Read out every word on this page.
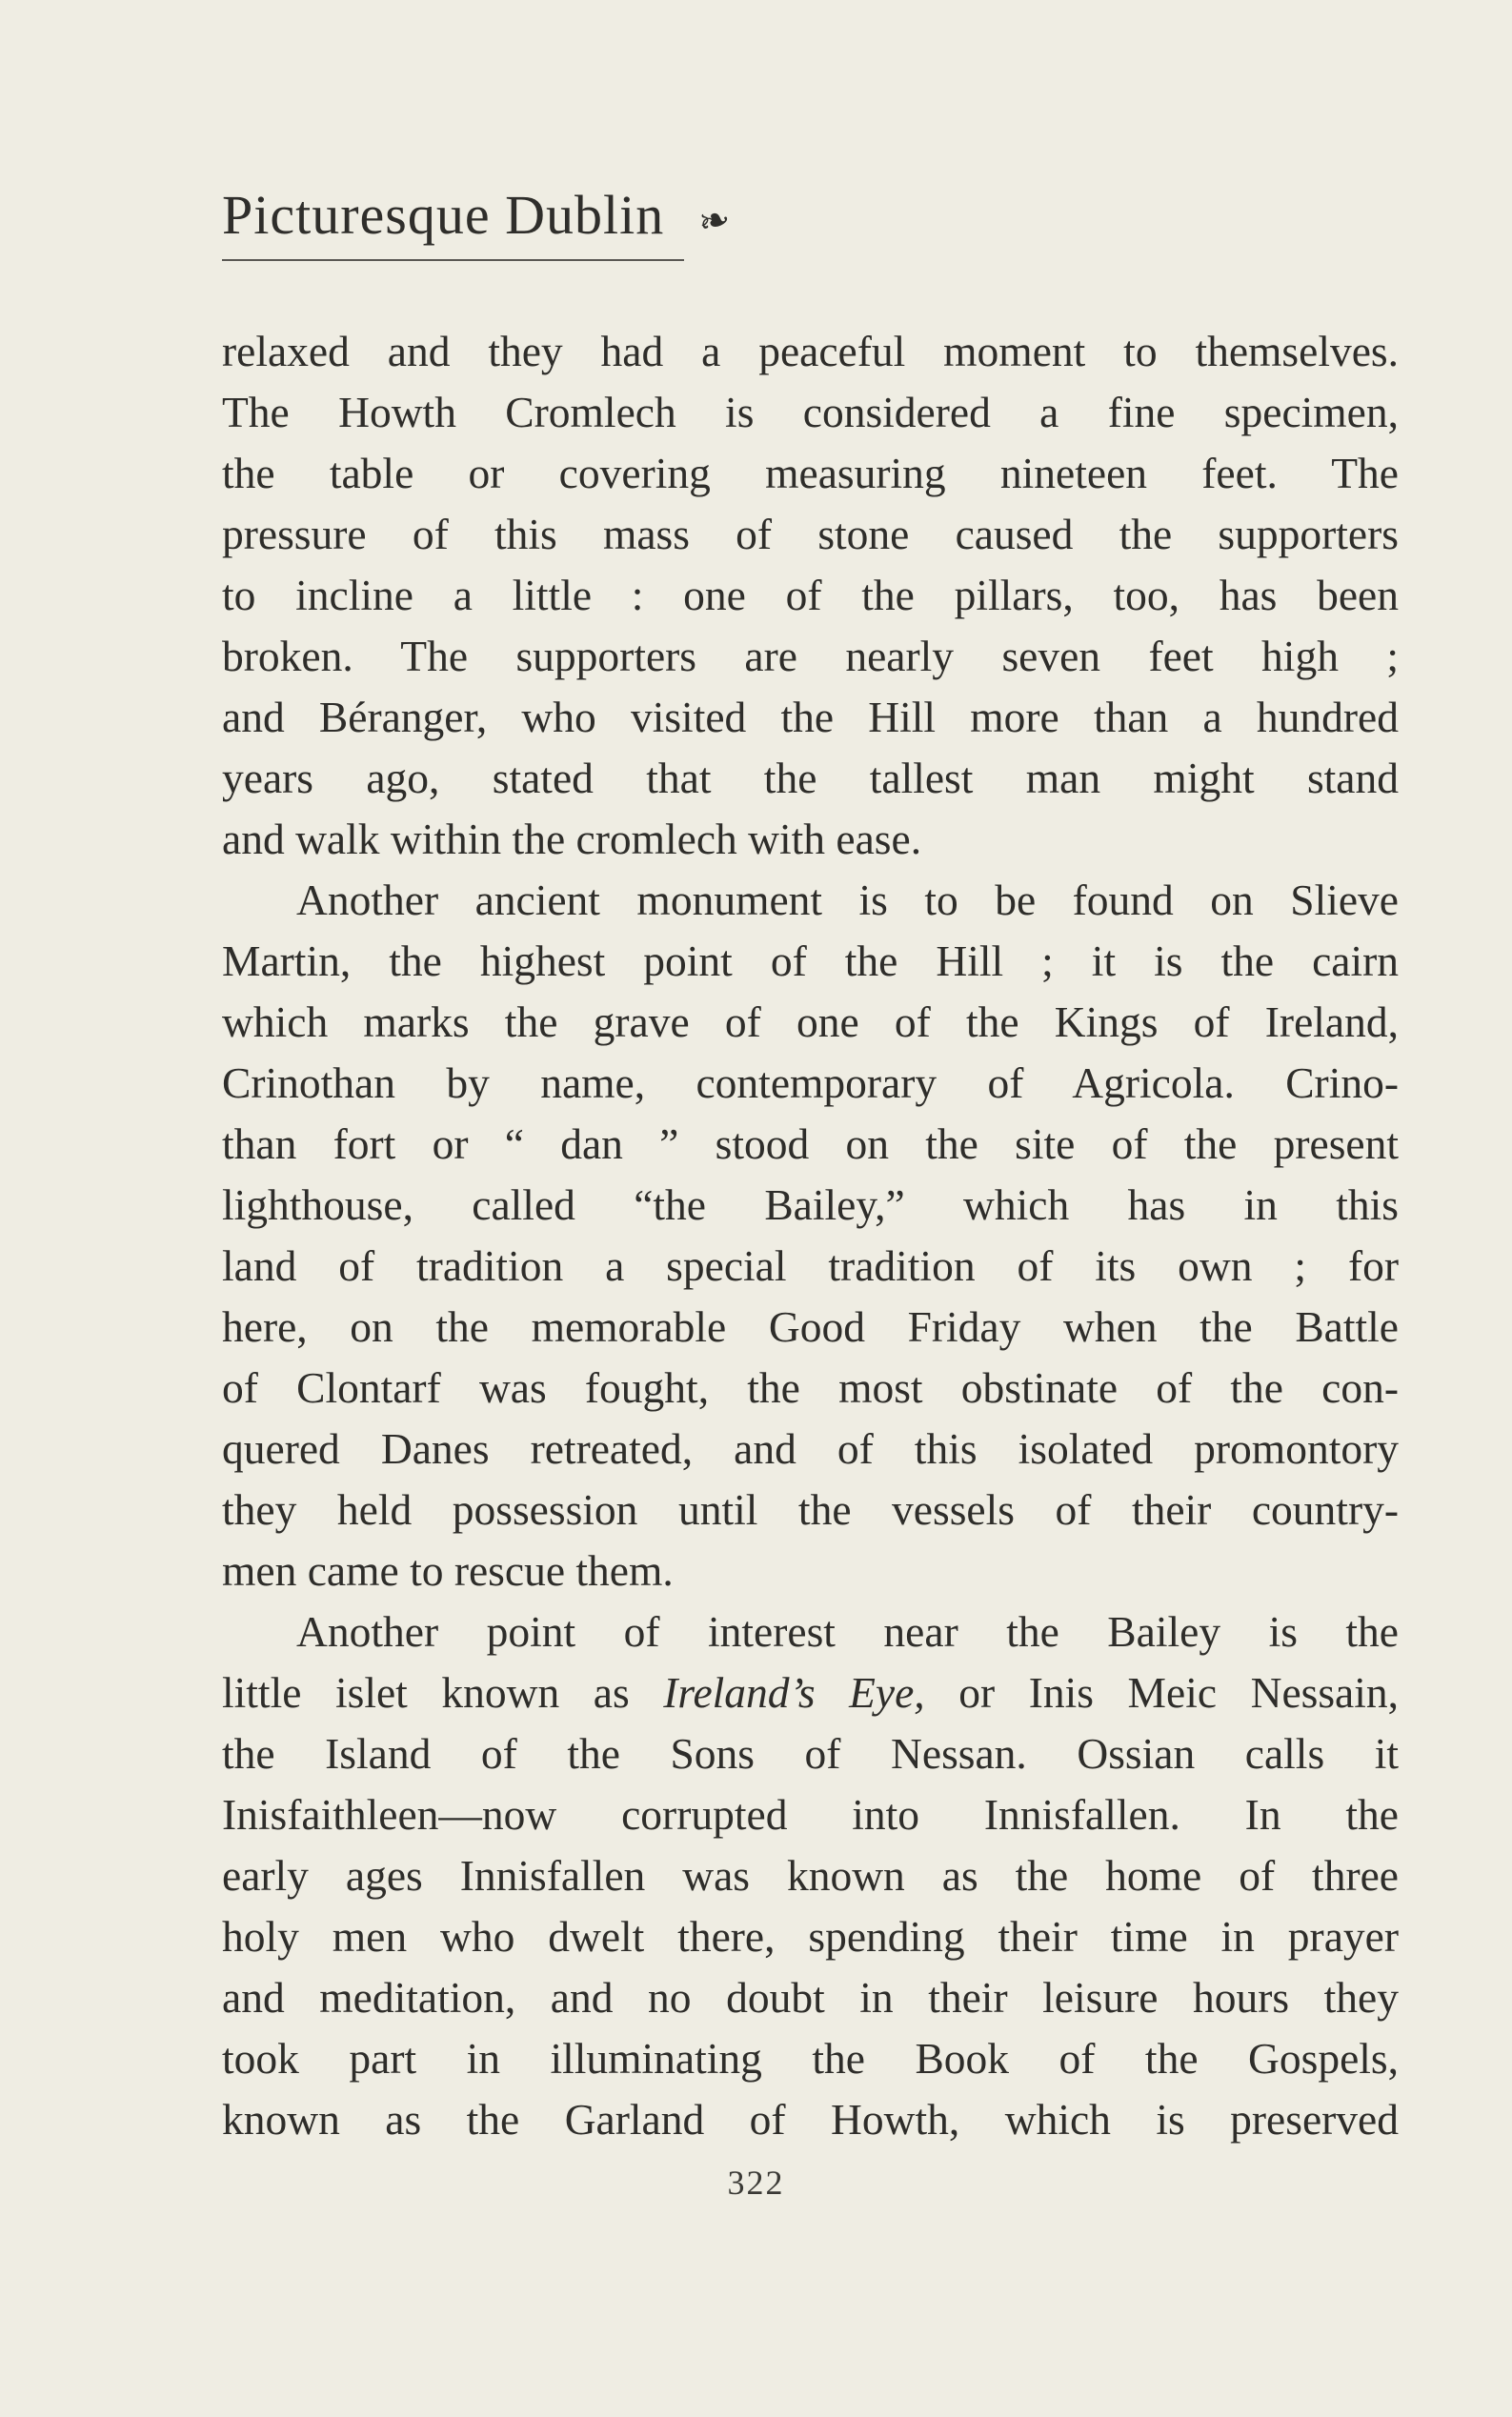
Picturesque Dublin ❧
relaxed and they had a peaceful moment to themselves.
The Howth Cromlech is considered a fine specimen,
the table or covering measuring nineteen feet. The
pressure of this mass of stone caused the supporters
to incline a little : one of the pillars, too, has been
broken. The supporters are nearly seven feet high ;
and Béranger, who visited the Hill more than a hundred
years ago, stated that the tallest man might stand
and walk within the cromlech with ease.
Another ancient monument is to be found on Slieve
Martin, the highest point of the Hill ; it is the cairn
which marks the grave of one of the Kings of Ireland,
Crinothan by name, contemporary of Agricola. Crino-
than fort or “ dan ” stood on the site of the present
lighthouse, called “the Bailey,” which has in this
land of tradition a special tradition of its own ; for
here, on the memorable Good Friday when the Battle
of Clontarf was fought, the most obstinate of the con-
quered Danes retreated, and of this isolated promontory
they held possession until the vessels of their country-
men came to rescue them.
Another point of interest near the Bailey is the
little islet known as Ireland’s Eye, or Inis Meic Nessain,
the Island of the Sons of Nessan. Ossian calls it
Inisfaithleen—now corrupted into Innisfallen. In the
early ages Innisfallen was known as the home of three
holy men who dwelt there, spending their time in prayer
and meditation, and no doubt in their leisure hours they
took part in illuminating the Book of the Gospels,
known as the Garland of Howth, which is preserved
322
